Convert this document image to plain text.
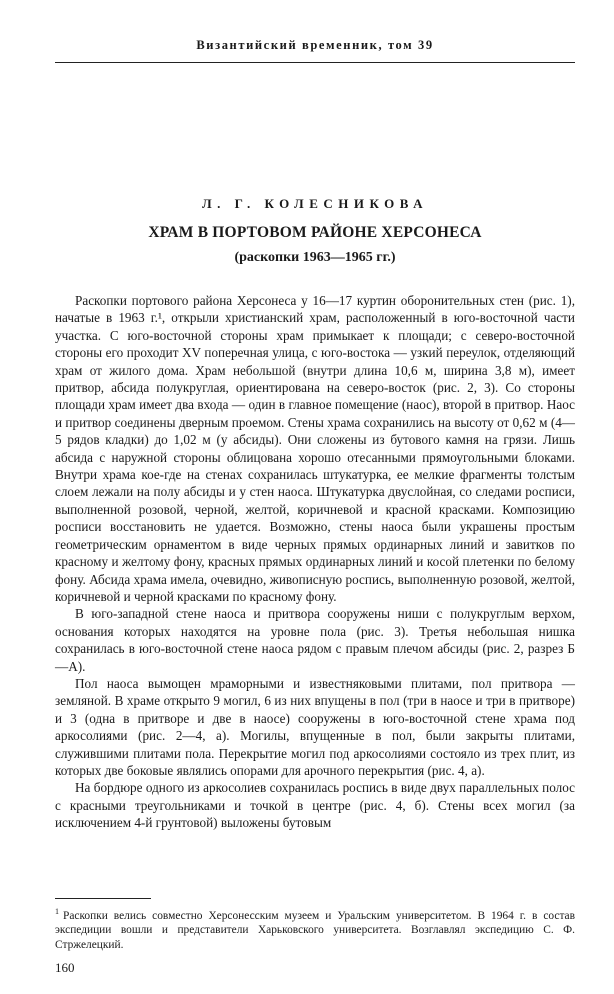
Византийский временник, том 39
Л. Г. КОЛЕСНИКОВА
ХРАМ В ПОРТОВОМ РАЙОНЕ ХЕРСОНЕСА
(раскопки 1963—1965 гг.)

Раскопки портового района Херсонеса у 16—17 куртин оборонительных стен (рис. 1), начатые в 1963 г.¹, открыли христианский храм, расположенный в юго-восточной части участка. С юго-восточной стороны храм примыкает к площади; с северо-восточной стороны его проходит XV поперечная улица, с юго-востока — узкий переулок, отделяющий храм от жилого дома. Храм небольшой (внутри длина 10,6 м, ширина 3,8 м), имеет притвор, абсида полукруглая, ориентирована на северо-восток (рис. 2, 3). Со стороны площади храм имеет два входа — один в главное помещение (наос), второй в притвор. Наос и притвор соединены дверным проемом. Стены храма сохранились на высоту от 0,62 м (4—5 рядов кладки) до 1,02 м (у абсиды). Они сложены из бутового камня на грязи. Лишь абсида с наружной стороны облицована хорошо отесанными прямоугольными блоками. Внутри храма кое-где на стенах сохранилась штукатурка, ее мелкие фрагменты толстым слоем лежали на полу абсиды и у стен наоса. Штукатурка двуслойная, со следами росписи, выполненной розовой, черной, желтой, коричневой и красной красками. Композицию росписи восстановить не удается. Возможно, стены наоса были украшены простым геометрическим орнаментом в виде черных прямых ординарных линий и завитков по красному и желтому фону, красных прямых ординарных линий и косой плетенки по белому фону. Абсида храма имела, очевидно, живописную роспись, выполненную розовой, желтой, коричневой и черной красками по красному фону.

В юго-западной стене наоса и притвора сооружены ниши с полукруглым верхом, основания которых находятся на уровне пола (рис. 3). Третья небольшая нишка сохранилась в юго-восточной стене наоса рядом с правым плечом абсиды (рис. 2, разрез Б—А).

Пол наоса вымощен мраморными и известняковыми плитами, пол притвора — земляной. В храме открыто 9 могил, 6 из них впущены в пол (три в наосе и три в притворе) и 3 (одна в притворе и две в наосе) сооружены в юго-восточной стене храма под аркосолиями (рис. 2—4, а). Могилы, впущенные в пол, были закрыты плитами, служившими плитами пола. Перекрытие могил под аркосолиями состояло из трех плит, из которых две боковые являлись опорами для арочного перекрытия (рис. 4, а).

На бордюре одного из аркосолиев сохранилась роспись в виде двух параллельных полос с красными треугольниками и точкой в центре (рис. 4, б). Стены всех могил (за исключением 4-й грунтовой) выложены бутовым

$^1$ Раскопки велись совместно Херсонесским музеем и Уральским университетом. В 1964 г. в состав экспедиции вошли и представители Харьковского университета. Возглавлял экспедицию С. Ф. Стржелецкий.
160
